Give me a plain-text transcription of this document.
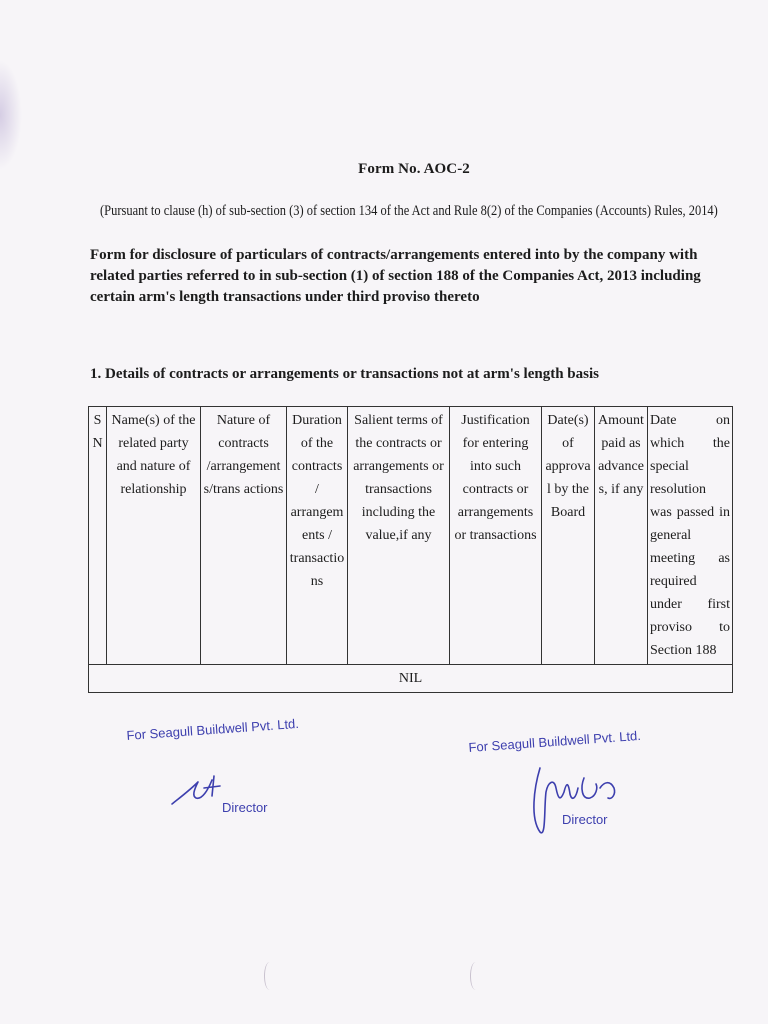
Form No. AOC-2
(Pursuant to clause (h) of sub-section (3) of section 134 of the Act and Rule 8(2) of the Companies (Accounts) Rules, 2014)
Form for disclosure of particulars of contracts/arrangements entered into by the company with related parties referred to in sub-section (1) of section 188 of the Companies Act, 2013 including certain arm's length transactions under third proviso thereto
1. Details of contracts or arrangements or transactions not at arm's length basis
S N	Name(s) of the related party and nature of relationship	Nature of contracts /arrangement s/trans actions	Duration of the contracts / arrangem ents / transactio ns	Salient terms of the contracts or arrangements or transactions including the value,if any	Justification for entering into such contracts or arrangements or transactions	Date(s) of approval by the Board	Amount paid as advance s, if any	Date on which the special resolution was passed in general meeting as required under first proviso to Section 188
NIL
For Seagull Buildwell Pvt. Ltd.
Director
For Seagull Buildwell Pvt. Ltd.
Director
